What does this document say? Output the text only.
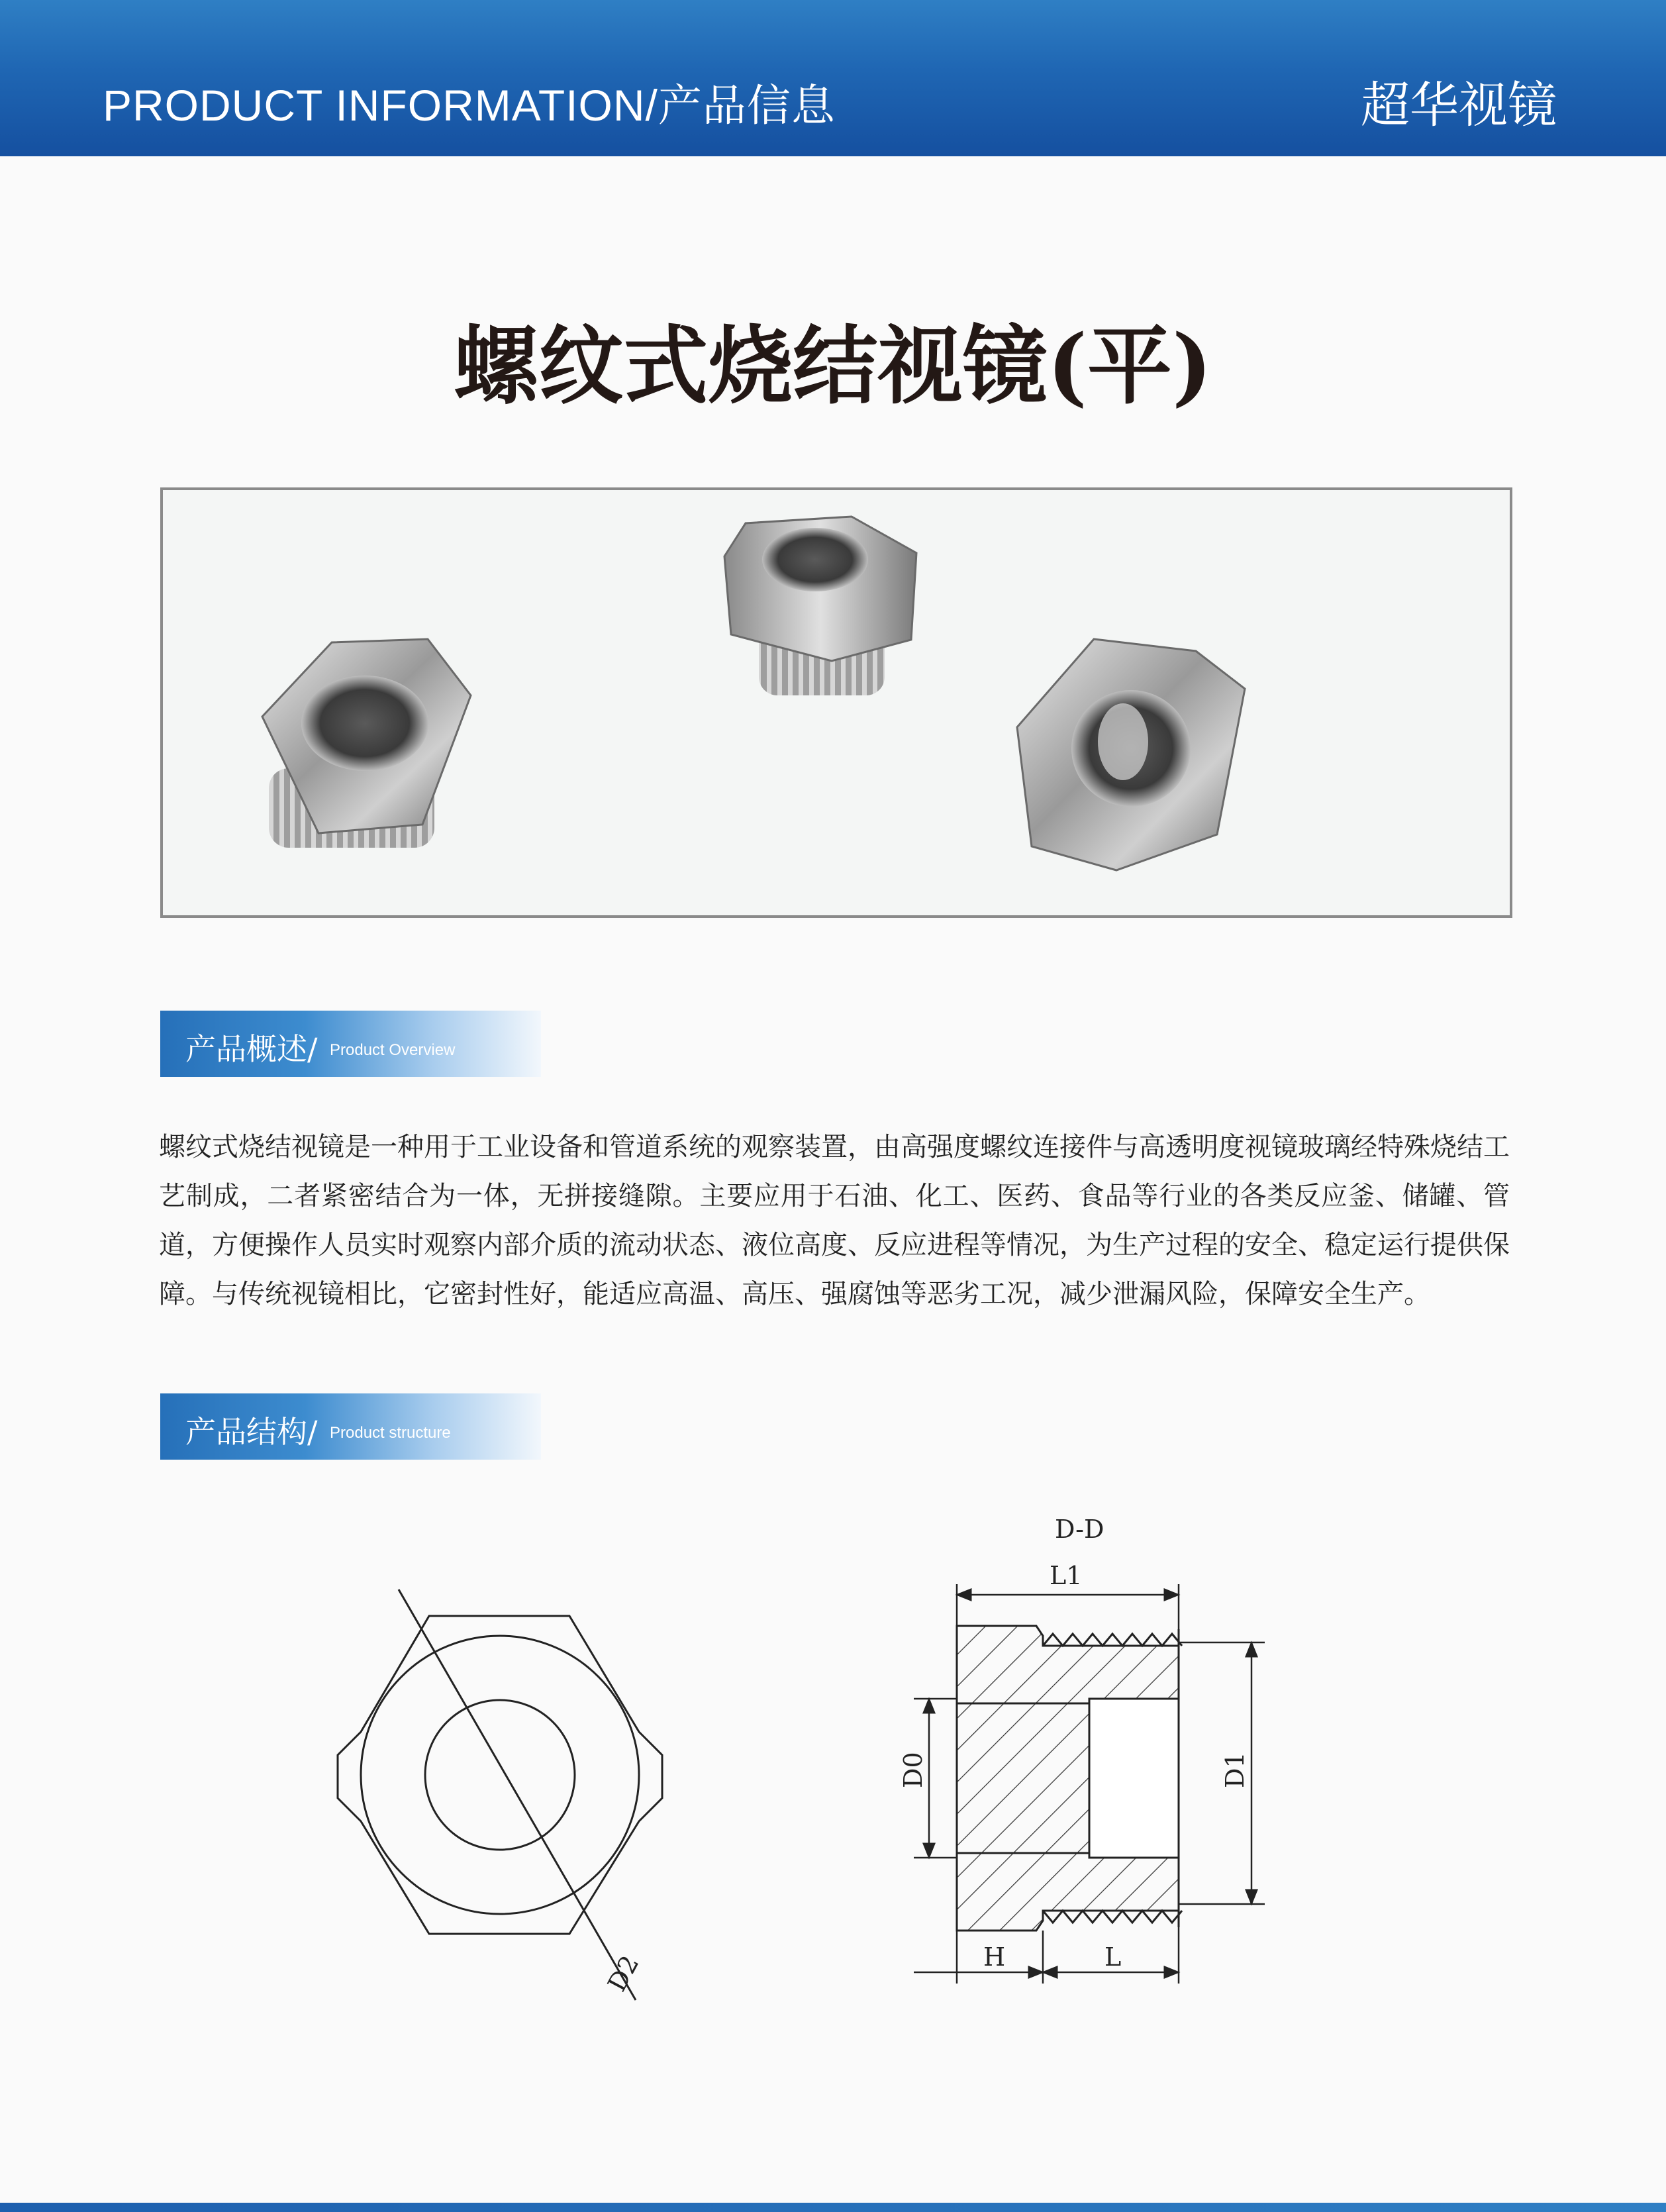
PRODUCT INFORMATION/产品信息	超华视镜
螺纹式烧结视镜(平)
产品概述/ Product Overview
螺纹式烧结视镜是一种用于工业设备和管道系统的观察装置，由高强度螺纹连接件与高透明度视镜玻璃经特殊烧结工艺制成，二者紧密结合为一体，无拼接缝隙。主要应用于石油、化工、医药、食品等行业的各类反应釜、储罐、管道，方便操作人员实时观察内部介质的流动状态、液位高度、反应进程等情况，为生产过程的安全、稳定运行提供保障。与传统视镜相比，它密封性好，能适应高温、高压、强腐蚀等恶劣工况，减少泄漏风险，保障安全生产。
产品结构/ Product structure
D2
D-D
L1
D1
D0
H	L
